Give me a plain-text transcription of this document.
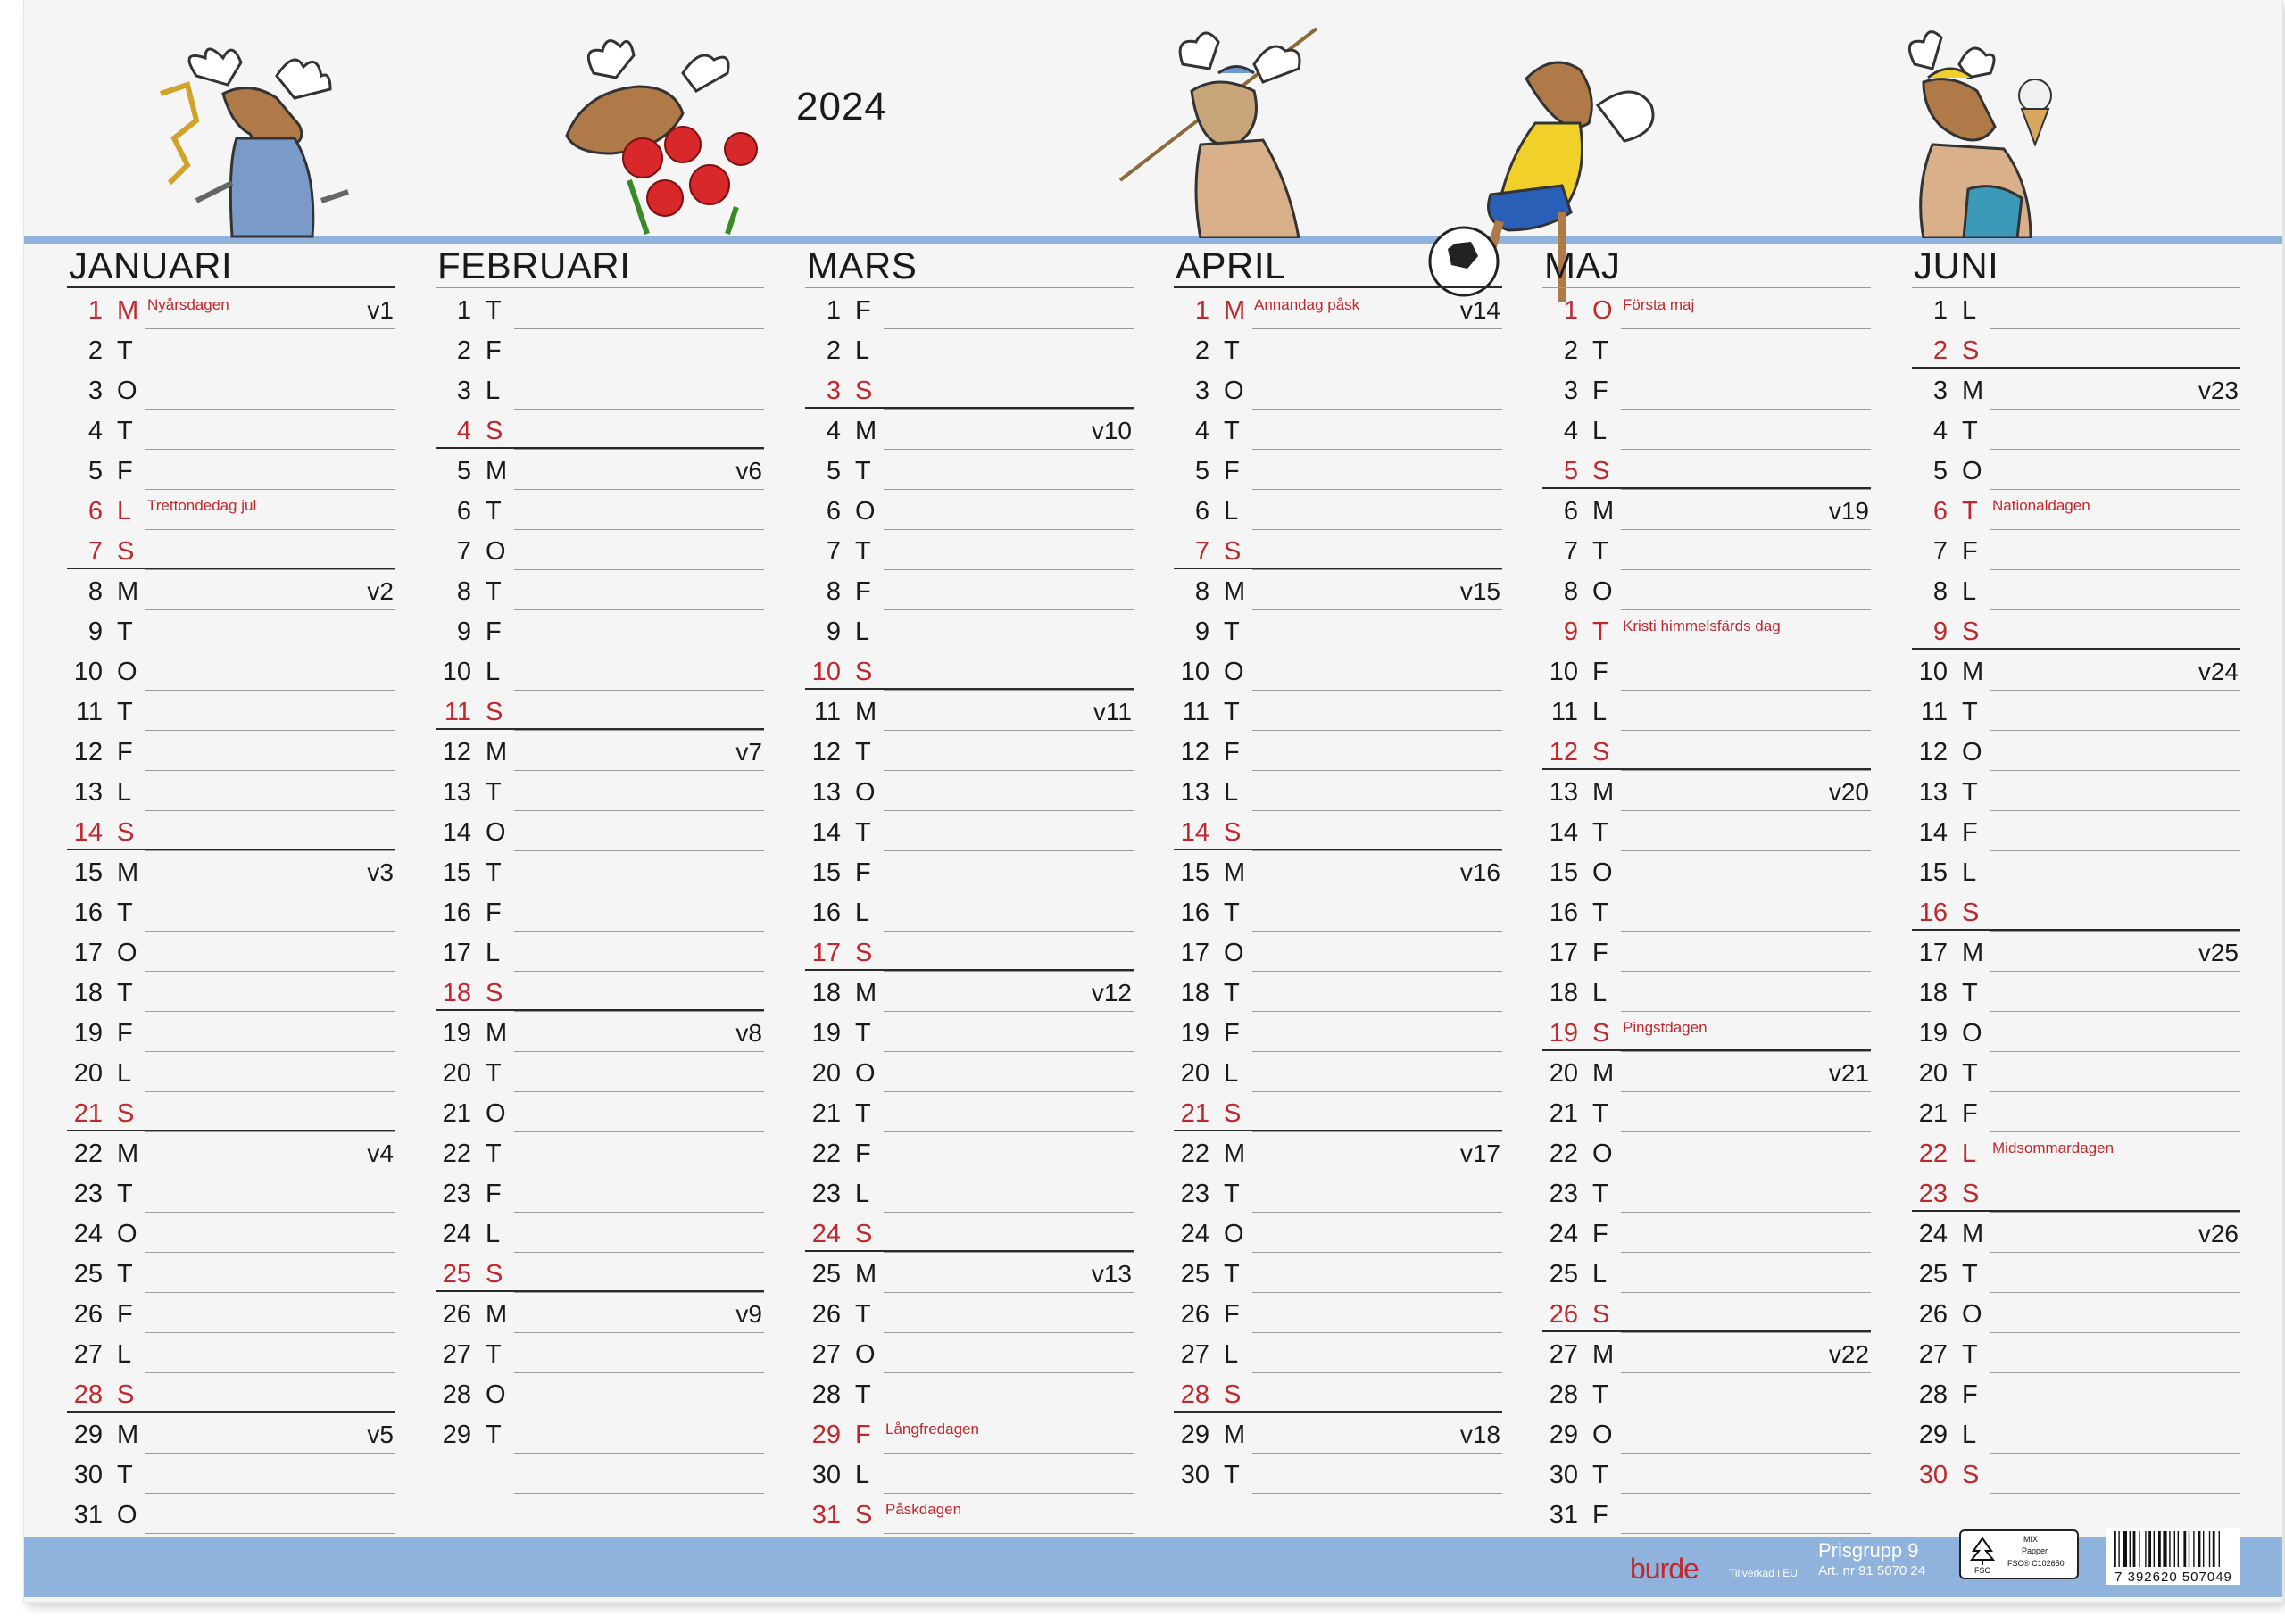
2024
JANUARI
1 M Nyårsdagen	v1
2 T
3 O
4 T
5 F
6 L	Trettondedag jul
7 S
8 M	v2
9 T
10 O
11 T
12 F
13 L
14 S
15 M	v3
16 T
17 O
18 T
19 F
20 L
21 S
22 M	v4
23 T
24 O
25 T
26 F
27 L
28 S
29 M	v5
30 T
31 O
FEBRUARI
1 T
2 F
3 L
4 S
5 M	v6
6 T
7 O
8 T
9 F
10 L
11 S
12 M	v7
13 T
14 O
15 T
16 F
17 L
18 S
19 M	v8
20 T
21 O
22 T
23 F
24 L
25 S
26 M	v9
27 T
28 O
29 T
MARS
1 F
2 L
3 S
4 M	v10
5 T
6 O
7 T
8 F
9 L
10 S
11 M	v11
12 T
13 O
14 T
15 F
16 L
17 S
18 M	v12
19 T
20 O
21 T
22 F
23 L
24 S
25 M	v13
26 T
27 O
28 T
29 F Långfredagen
30 L
31 S Påskdagen
APRIL
1 M Annandag påsk	v14
2 T
3 O
4 T
5 F
6 L
7 S
8 M	v15
9 T
10 O
11 T
12 F
13 L
14 S
15 M	v16
16 T
17 O
18 T
19 F
20 L
21 S
22 M	v17
23 T
24 O
25 T
26 F
27 L
28 S
29 M	v18
30 T
MAJ
1 O Första maj
2 T
3 F
4 L
5 S
6 M	v19
7 T
8 O
9 T Kristi himmelsfärds dag
10 F
11 L
12 S
13 M	v20
14 T
15 O
16 T
17 F
18 L
19 S Pingstdagen
20 M	v21
21 T
22 O
23 T
24 F
25 L
26 S
27 M	v22
28 T
29 O
30 T
31 F
JUNI
1 L
2 S
3 M	v23
4 T
5 O
6 T Nationaldagen
7 F
8 L
9 S
10 M	v24
11 T
12 O
13 T
14 F
15 L
16 S
17 M	v25
18 T
19 O
20 T
21 F
22 L	Midsommardagen
23 S
24 M	v26
25 T
26 O
27 T
28 F
29 L
30 S
burde	Tillverkad i EU
Prisgrupp 9
Art. nr 91 5070 24	FSC
MIX
Papper
FSC® C102650
7 392620 507049
